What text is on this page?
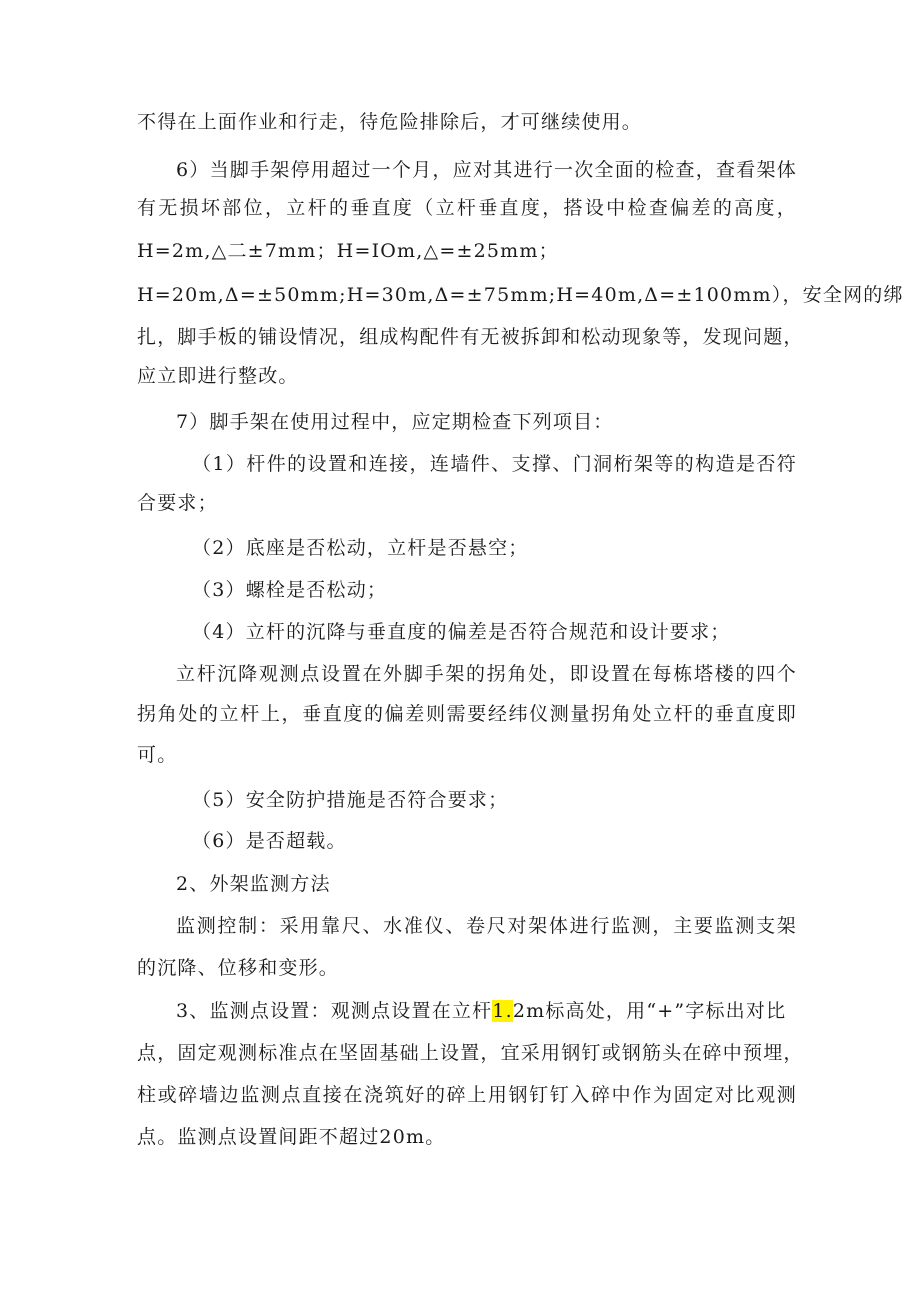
不得在上面作业和行走，待危险排除后，才可继续使用。
6）当脚手架停用超过一个月，应对其进行一次全面的检查，查看架体
有无损坏部位，立杆的垂直度（立杆垂直度，搭设中检查偏差的高度，
H=2m,△二±7mm；H=IOm,△=±25mm；
H=20m,Δ=±50mm;H=30m,Δ=±75mm;H=40m,Δ=±100mm），安全网的绑
扎，脚手板的铺设情况，组成构配件有无被拆卸和松动现象等，发现问题，
应立即进行整改。
7）脚手架在使用过程中，应定期检查下列项目：
（1）杆件的设置和连接，连墙件、支撑、门洞桁架等的构造是否符
合要求；
（2）底座是否松动，立杆是否悬空；
（3）螺栓是否松动；
（4）立杆的沉降与垂直度的偏差是否符合规范和设计要求；
立杆沉降观测点设置在外脚手架的拐角处，即设置在每栋塔楼的四个
拐角处的立杆上，垂直度的偏差则需要经纬仪测量拐角处立杆的垂直度即
可。
（5）安全防护措施是否符合要求；
（6）是否超载。
2、外架监测方法
监测控制：采用靠尺、水准仪、卷尺对架体进行监测，主要监测支架
的沉降、位移和变形。
3、监测点设置：观测点设置在立杆1.2m标高处，用“+”字标出对比
点，固定观测标准点在坚固基础上设置，宜采用钢钉或钢筋头在碎中预埋，
柱或碎墙边监测点直接在浇筑好的碎上用钢钉钉入碎中作为固定对比观测
点。监测点设置间距不超过20m。
